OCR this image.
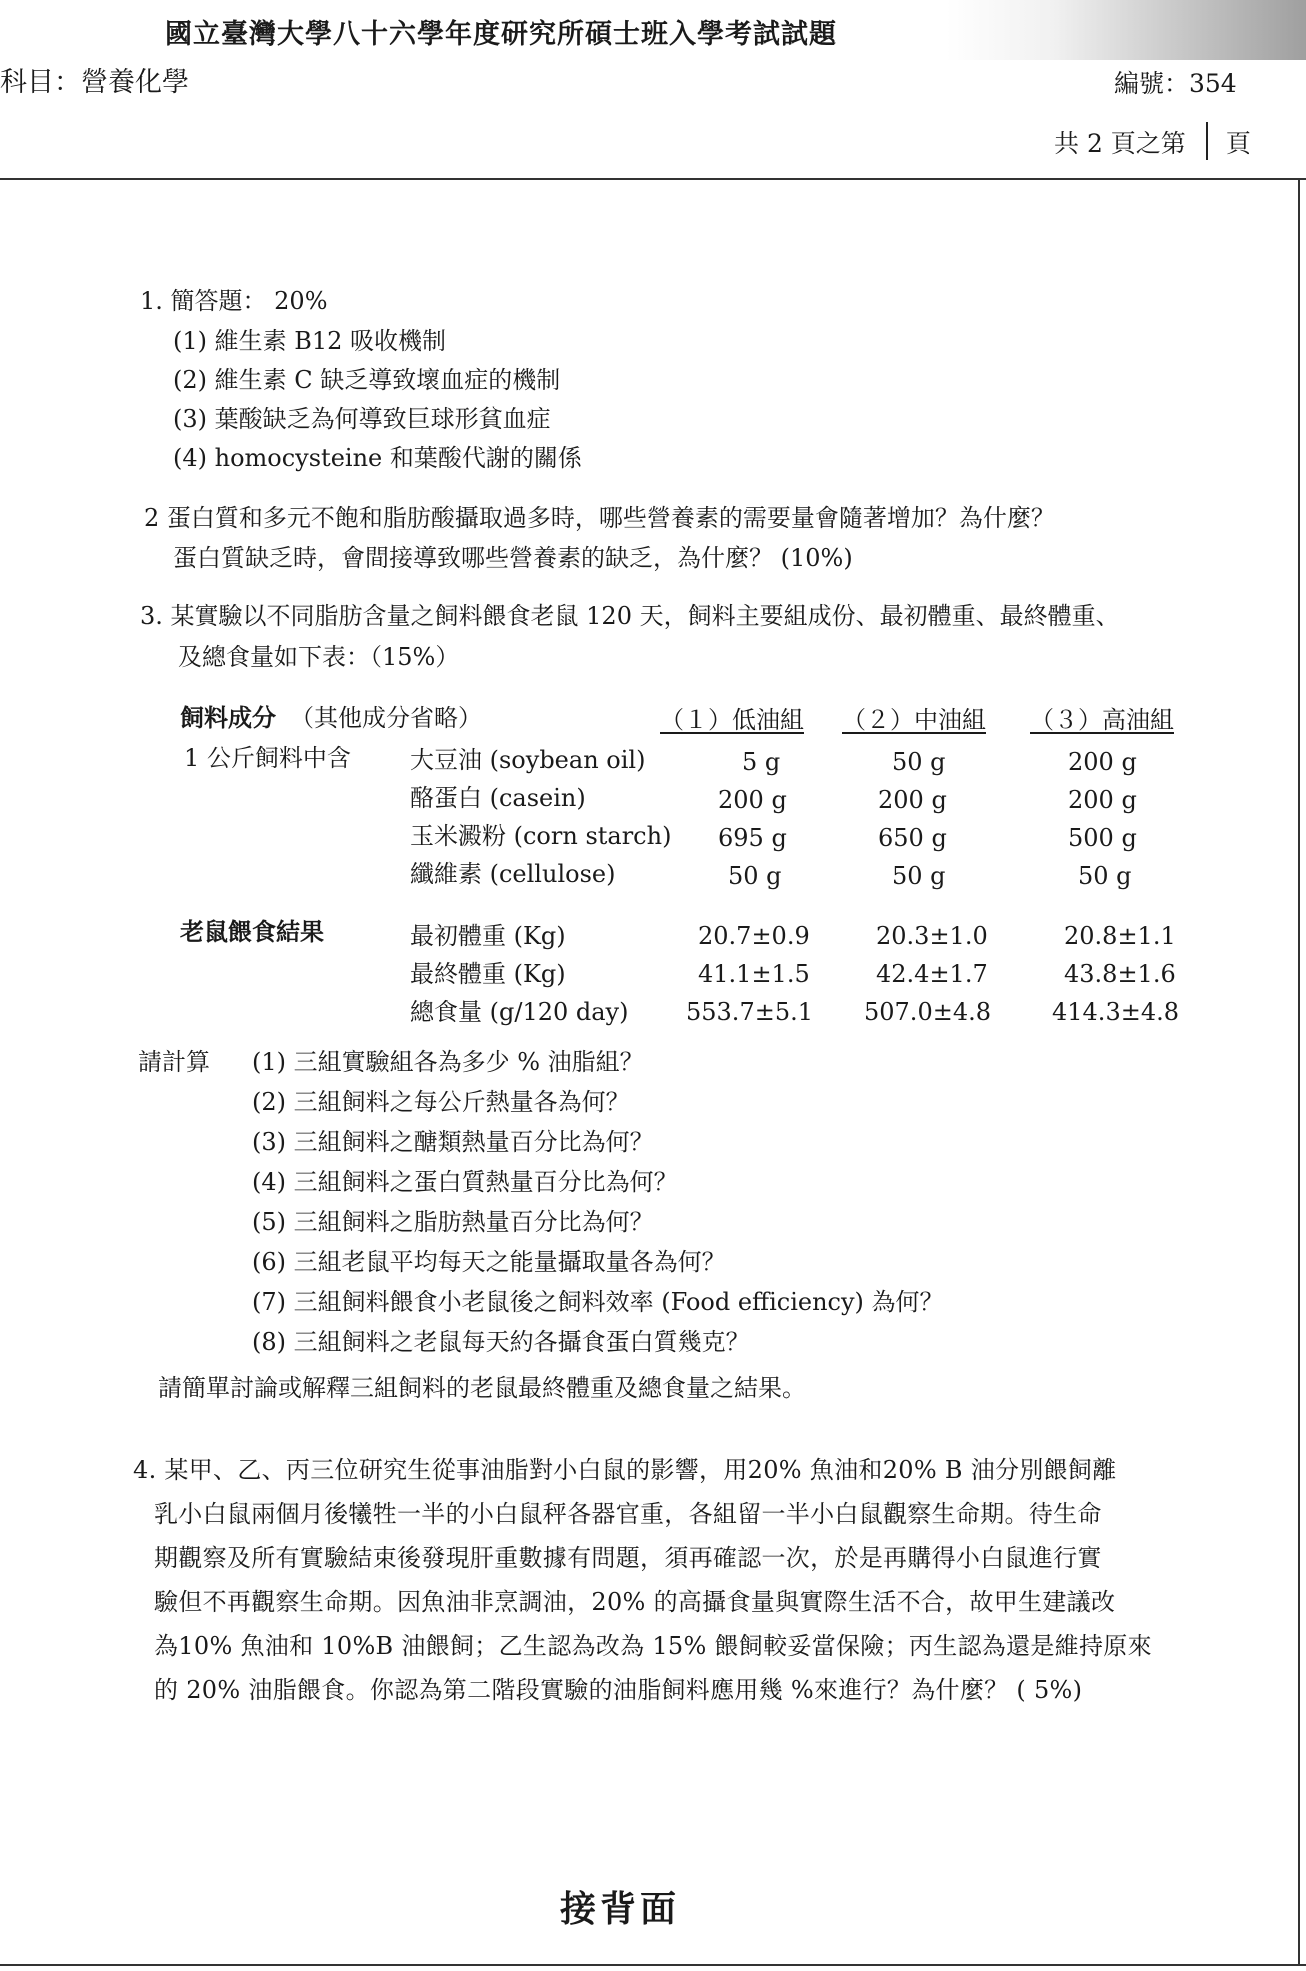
國立臺灣大學八十六學年度研究所碩士班入學考試試題
科目：營養化學	編號：354
共 2 頁之第 頁
1. 簡答題： 20%
(1) 維生素 B12 吸收機制
(2) 維生素 C 缺乏導致壞血症的機制
(3) 葉酸缺乏為何導致巨球形貧血症
(4) homocysteine 和葉酸代謝的關係
2 蛋白質和多元不飽和脂肪酸攝取過多時，哪些營養素的需要量會隨著增加？為什麼？
蛋白質缺乏時，會間接導致哪些營養素的缺乏，為什麼？ (10%)
3. 某實驗以不同脂肪含量之飼料餵食老鼠 120 天，飼料主要組成份、最初體重、最終體重、
及總食量如下表：（15%）
飼料成分 （其他成分省略）	（１）低油組 （２）中油組 （３）高油組
1 公斤飼料中含 大豆油 (soybean oil)	5 g	50 g	200 g
酪蛋白 (casein)	200 g	200 g	200 g
玉米澱粉 (corn starch) 695 g	650 g	500 g
纖維素 (cellulose)	50 g	50 g	50 g
老鼠餵食結果	最初體重 (Kg)	20.7±0.9	20.3±1.0	20.8±1.1
最終體重 (Kg)	41.1±1.5	42.4±1.7	43.8±1.6
總食量 (g/120 day) 553.7±5.1 507.0±4.8	414.3±4.8
請計算 (1) 三組實驗組各為多少 % 油脂組？
(2) 三組飼料之每公斤熱量各為何？
(3) 三組飼料之醣類熱量百分比為何？
(4) 三組飼料之蛋白質熱量百分比為何？
(5) 三組飼料之脂肪熱量百分比為何？
(6) 三組老鼠平均每天之能量攝取量各為何？
(7) 三組飼料餵食小老鼠後之飼料效率 (Food efficiency) 為何？
(8) 三組飼料之老鼠每天約各攝食蛋白質幾克？
請簡單討論或解釋三組飼料的老鼠最終體重及總食量之結果。
4. 某甲、乙、丙三位研究生從事油脂對小白鼠的影響，用20% 魚油和20% B 油分別餵飼離
乳小白鼠兩個月後犧牲一半的小白鼠秤各器官重，各組留一半小白鼠觀察生命期。待生命
期觀察及所有實驗結束後發現肝重數據有問題，須再確認一次，於是再購得小白鼠進行實
驗但不再觀察生命期。因魚油非烹調油，20% 的高攝食量與實際生活不合，故甲生建議改
為10% 魚油和 10%B 油餵飼；乙生認為改為 15% 餵飼較妥當保險；丙生認為還是維持原來
的 20% 油脂餵食。你認為第二階段實驗的油脂飼料應用幾 %來進行？為什麼？ ( 5%)
接背面
